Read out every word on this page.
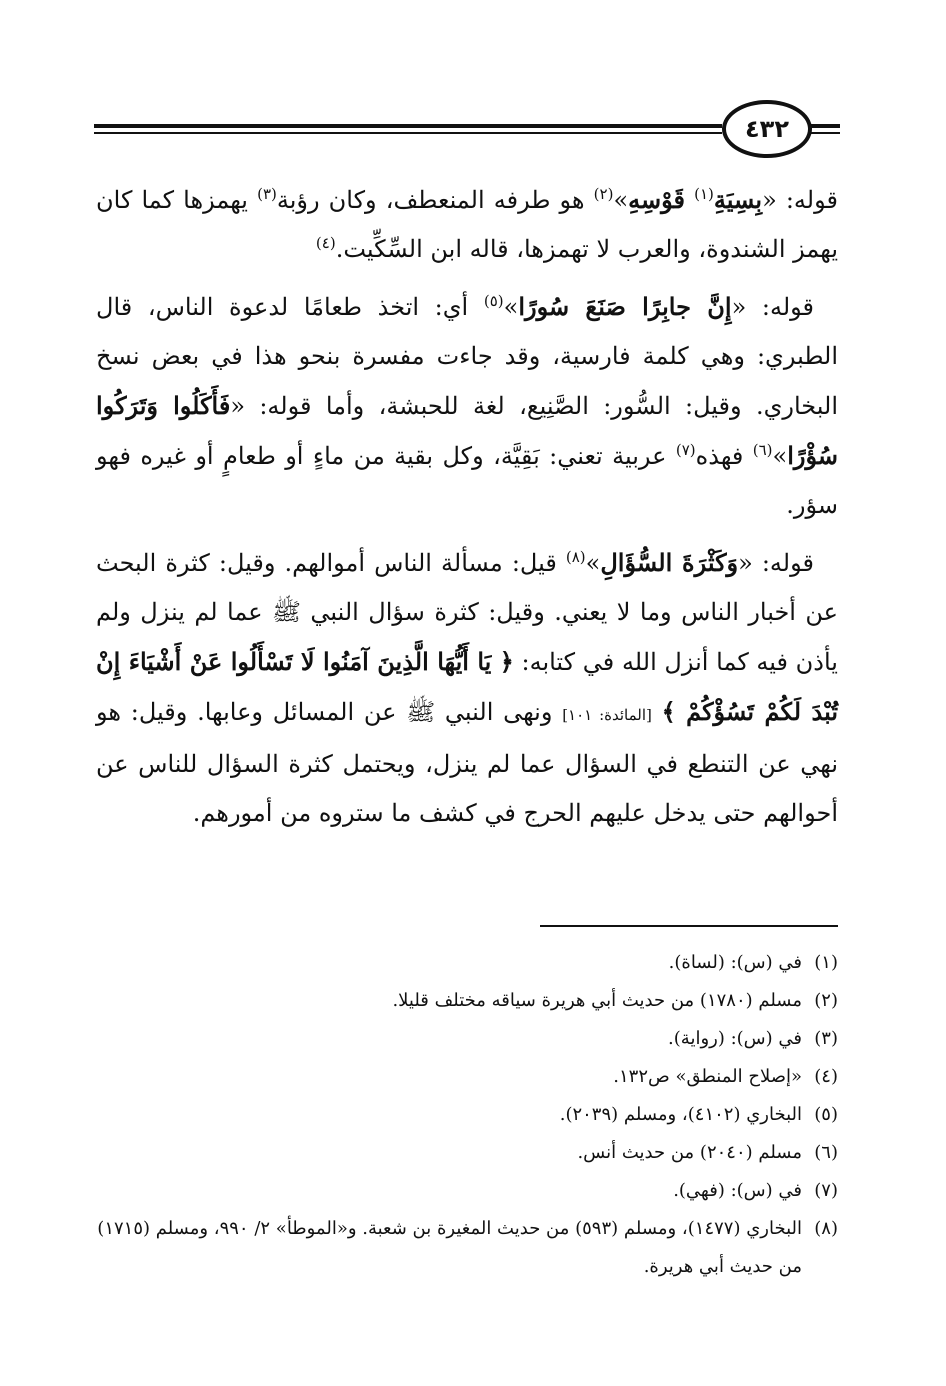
٤٣٢

قوله: «بِسِيَةِ$^{(١)}$ قَوْسِهِ»$^{(٢)}$ هو طرفه المنعطف، وكان رؤبة$^{(٣)}$ يهمزها كما كان يهمز الشندوة، والعرب لا تهمزها، قاله ابن السِّكِّيت.$^{(٤)}$

قوله: «إِنَّ جابِرًا صَنَعَ سُورًا»$^{(٥)}$ أي: اتخذ طعامًا لدعوة الناس، قال الطبري: وهي كلمة فارسية، وقد جاءت مفسرة بنحو هذا في بعض نسخ البخاري. وقيل: السُّور: الصَّنِيع، لغة للحبشة، وأما قوله: «فَأَكَلُوا وَتَرَكُوا سُؤْرًا»$^{(٦)}$ فهذه$^{(٧)}$ عربية تعني: بَقِيَّة، وكل بقية من ماءٍ أو طعامٍ أو غيره فهو سؤر.

قوله: «وَكَثْرَةَ السُّؤَالِ»$^{(٨)}$ قيل: مسألة الناس أموالهم. وقيل: كثرة البحث عن أخبار الناس وما لا يعني. وقيل: كثرة سؤال النبي ﷺ عما لم ينزل ولم يأذن فيه كما أنزل الله في كتابه: ﴿ يَا أَيُّهَا الَّذِينَ آمَنُوا لَا تَسْأَلُوا عَنْ أَشْيَاءَ إِنْ تُبْدَ لَكُمْ تَسُؤْكُمْ ﴾ [المائدة: ١٠١] ونهى النبي ﷺ عن المسائل وعابها. وقيل: هو نهي عن التنطع في السؤال عما لم ينزل، ويحتمل كثرة السؤال للناس عن أحوالهم حتى يدخل عليهم الحرج في كشف ما ستروه من أمورهم.

(١)
في (س): (لساة).
(٢)
مسلم (١٧٨٠) من حديث أبي هريرة سياقه مختلف قليلا.
(٣)
في (س): (رواية).
(٤)
«إصلاح المنطق» ص١٣٢.
(٥)
البخاري (٤١٠٢)، ومسلم (٢٠٣٩).
(٦)
مسلم (٢٠٤٠) من حديث أنس.
(٧)
في (س): (فهي).
(٨)
البخاري (١٤٧٧)، ومسلم (٥٩٣) من حديث المغيرة بن شعبة. و«الموطأ» ٢/ ٩٩٠، ومسلم (١٧١٥) من حديث أبي هريرة.
